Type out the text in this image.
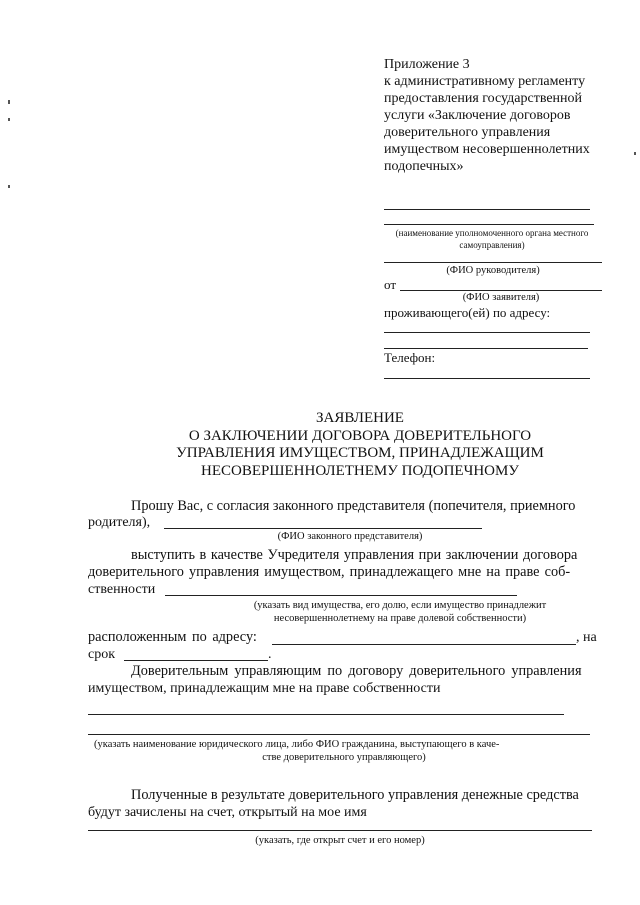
Приложение 3
к административному регламенту
предоставления государственной
услуги «Заключение договоров
доверительного управления
имуществом несовершеннолетних
подопечных»
(наименование уполномоченного органа местного
самоуправления)
(ФИО руководителя)
от
(ФИО заявителя)
проживающего(ей) по адресу:
Телефон:
ЗАЯВЛЕНИЕ
О ЗАКЛЮЧЕНИИ ДОГОВОРА ДОВЕРИТЕЛЬНОГО
УПРАВЛЕНИЯ ИМУЩЕСТВОМ, ПРИНАДЛЕЖАЩИМ
НЕСОВЕРШЕННОЛЕТНЕМУ ПОДОПЕЧНОМУ
Прошу Вас, с согласия законного представителя (попечителя, приемного
родителя),
(ФИО законного представителя)
выступить в качестве Учредителя управления при заключении договора
доверительного управления имуществом, принадлежащего мне на праве соб-
ственности
(указать вид имущества, его долю, если имущество принадлежит
несовершеннолетнему на праве долевой собственности)
расположенным по адресу:	, на
срок	.
Доверительным управляющим по договору доверительного управления
имуществом, принадлежащим мне на праве собственности
(указать наименование юридического лица, либо ФИО гражданина, выступающего в каче-
стве доверительного управляющего)
Полученные в результате доверительного управления денежные средства
будут зачислены на счет, открытый на мое имя
(указать, где открыт счет и его номер)
